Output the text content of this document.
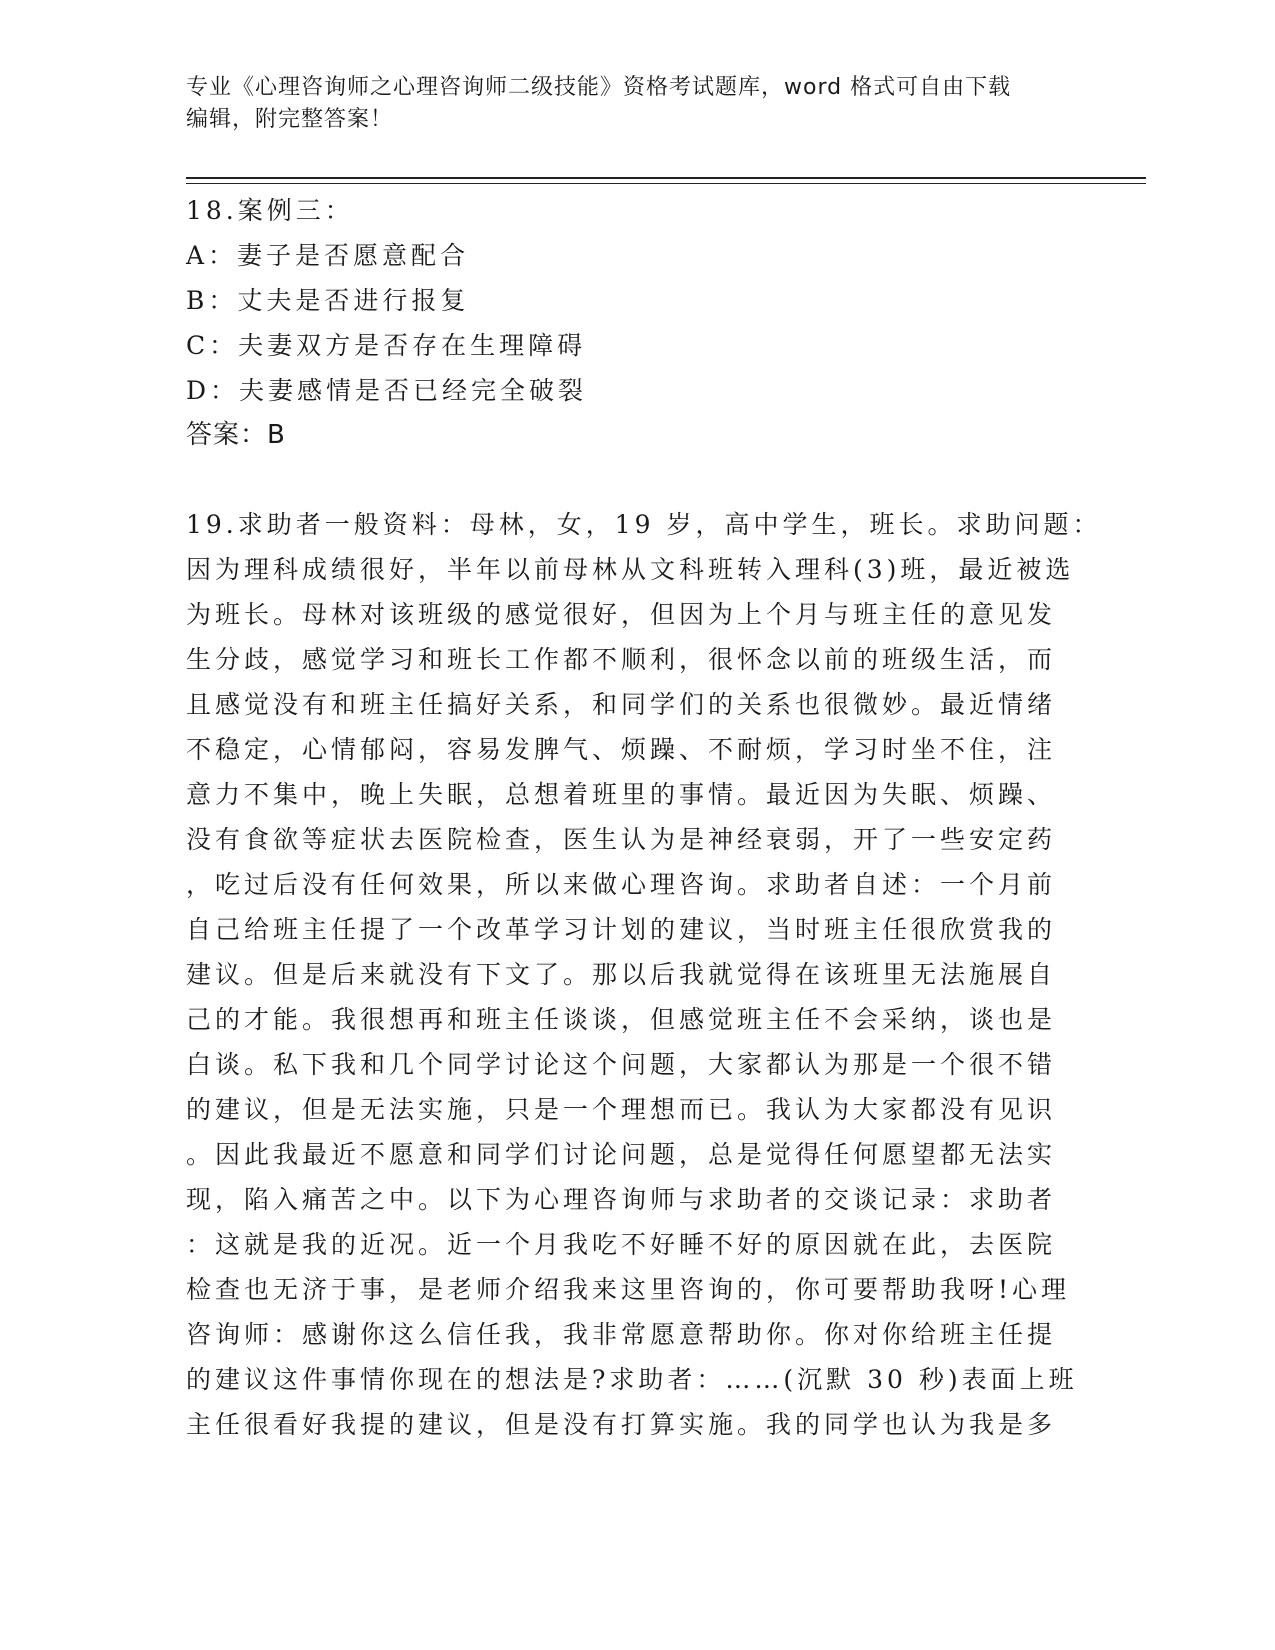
专业《心理咨询师之心理咨询师二级技能》资格考试题库，word 格式可自由下载
编辑，附完整答案！
18.案例三：
A：妻子是否愿意配合
B：丈夫是否进行报复
C：夫妻双方是否存在生理障碍
D：夫妻感情是否已经完全破裂
答案：B
19.求助者一般资料：母林，女，19 岁，高中学生，班长。求助问题：
因为理科成绩很好，半年以前母林从文科班转入理科(3)班，最近被选
为班长。母林对该班级的感觉很好，但因为上个月与班主任的意见发
生分歧，感觉学习和班长工作都不顺利，很怀念以前的班级生活，而
且感觉没有和班主任搞好关系，和同学们的关系也很微妙。最近情绪
不稳定，心情郁闷，容易发脾气、烦躁、不耐烦，学习时坐不住，注
意力不集中，晚上失眠，总想着班里的事情。最近因为失眠、烦躁、
没有食欲等症状去医院检查，医生认为是神经衰弱，开了一些安定药
，吃过后没有任何效果，所以来做心理咨询。求助者自述：一个月前
自己给班主任提了一个改革学习计划的建议，当时班主任很欣赏我的
建议。但是后来就没有下文了。那以后我就觉得在该班里无法施展自
己的才能。我很想再和班主任谈谈，但感觉班主任不会采纳，谈也是
白谈。私下我和几个同学讨论这个问题，大家都认为那是一个很不错
的建议，但是无法实施，只是一个理想而已。我认为大家都没有见识
。因此我最近不愿意和同学们讨论问题，总是觉得任何愿望都无法实
现，陷入痛苦之中。以下为心理咨询师与求助者的交谈记录：求助者
：这就是我的近况。近一个月我吃不好睡不好的原因就在此，去医院
检查也无济于事，是老师介绍我来这里咨询的，你可要帮助我呀!心理
咨询师：感谢你这么信任我，我非常愿意帮助你。你对你给班主任提
的建议这件事情你现在的想法是?求助者：……(沉默 30 秒)表面上班
主任很看好我提的建议，但是没有打算实施。我的同学也认为我是多
